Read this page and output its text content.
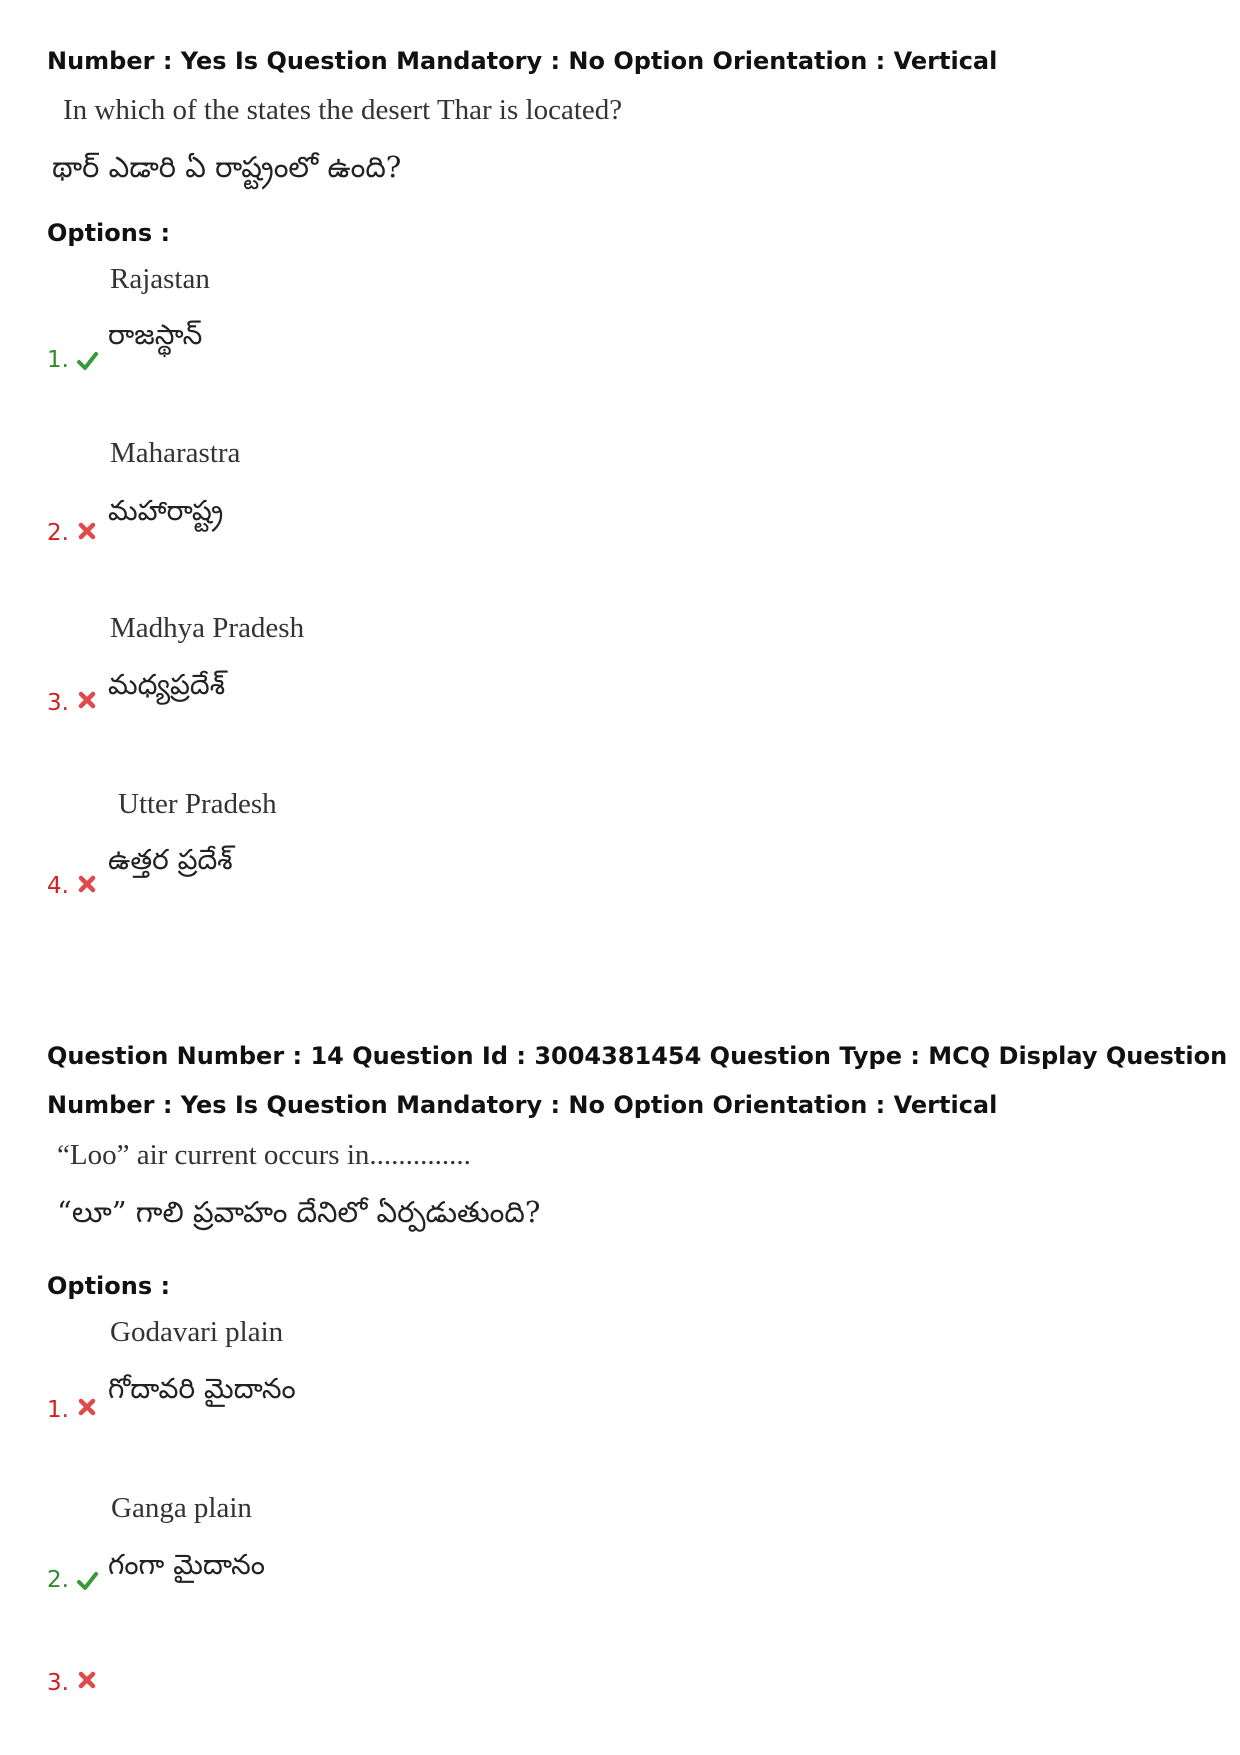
Number : Yes Is Question Mandatory : No Option Orientation : Vertical
In which of the states the desert Thar is located?
థార్ ఎడారి ఏ రాష్ట్రంలో ఉంది?
Options :
Rajastan
రాజస్థాన్
1.
Maharastra
మహారాష్ట్ర
2.
Madhya Pradesh
మధ్యప్రదేశ్
3.
Utter Pradesh
ఉత్తర ప్రదేశ్
4.
Question Number : 14 Question Id : 3004381454 Question Type : MCQ Display Question
Number : Yes Is Question Mandatory : No Option Orientation : Vertical
“Loo” air current occurs in..............
“లూ” గాలి ప్రవాహం దేనిలో ఏర్పడుతుంది?
Options :
Godavari plain
గోదావరి మైదానం
1.
Ganga plain
గంగా మైదానం
2.
3.
